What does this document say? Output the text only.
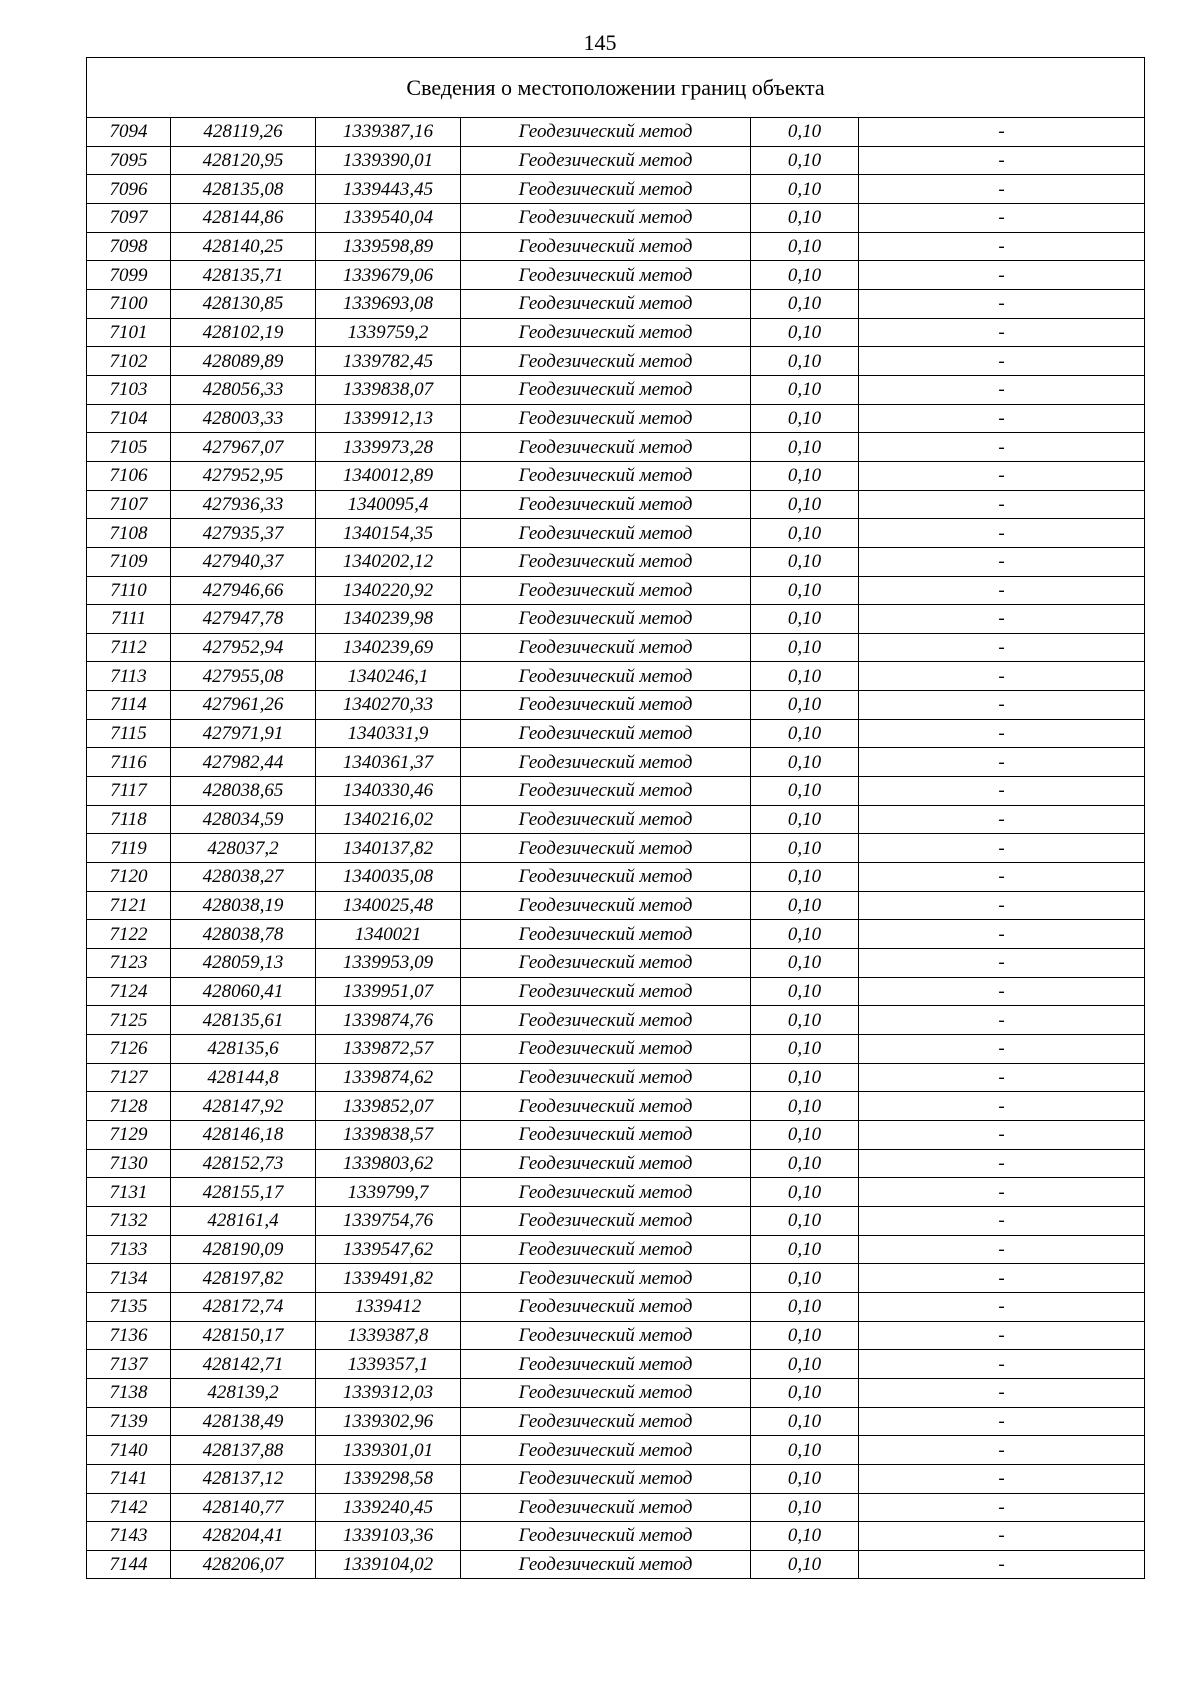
145
Сведения о местоположении границ объекта					
7094	428119,26	1339387,16	Геодезический метод	0,10	-
7095	428120,95	1339390,01	Геодезический метод	0,10	-
7096	428135,08	1339443,45	Геодезический метод	0,10	-
7097	428144,86	1339540,04	Геодезический метод	0,10	-
7098	428140,25	1339598,89	Геодезический метод	0,10	-
7099	428135,71	1339679,06	Геодезический метод	0,10	-
7100	428130,85	1339693,08	Геодезический метод	0,10	-
7101	428102,19	1339759,2	Геодезический метод	0,10	-
7102	428089,89	1339782,45	Геодезический метод	0,10	-
7103	428056,33	1339838,07	Геодезический метод	0,10	-
7104	428003,33	1339912,13	Геодезический метод	0,10	-
7105	427967,07	1339973,28	Геодезический метод	0,10	-
7106	427952,95	1340012,89	Геодезический метод	0,10	-
7107	427936,33	1340095,4	Геодезический метод	0,10	-
7108	427935,37	1340154,35	Геодезический метод	0,10	-
7109	427940,37	1340202,12	Геодезический метод	0,10	-
7110	427946,66	1340220,92	Геодезический метод	0,10	-
7111	427947,78	1340239,98	Геодезический метод	0,10	-
7112	427952,94	1340239,69	Геодезический метод	0,10	-
7113	427955,08	1340246,1	Геодезический метод	0,10	-
7114	427961,26	1340270,33	Геодезический метод	0,10	-
7115	427971,91	1340331,9	Геодезический метод	0,10	-
7116	427982,44	1340361,37	Геодезический метод	0,10	-
7117	428038,65	1340330,46	Геодезический метод	0,10	-
7118	428034,59	1340216,02	Геодезический метод	0,10	-
7119	428037,2	1340137,82	Геодезический метод	0,10	-
7120	428038,27	1340035,08	Геодезический метод	0,10	-
7121	428038,19	1340025,48	Геодезический метод	0,10	-
7122	428038,78	1340021	Геодезический метод	0,10	-
7123	428059,13	1339953,09	Геодезический метод	0,10	-
7124	428060,41	1339951,07	Геодезический метод	0,10	-
7125	428135,61	1339874,76	Геодезический метод	0,10	-
7126	428135,6	1339872,57	Геодезический метод	0,10	-
7127	428144,8	1339874,62	Геодезический метод	0,10	-
7128	428147,92	1339852,07	Геодезический метод	0,10	-
7129	428146,18	1339838,57	Геодезический метод	0,10	-
7130	428152,73	1339803,62	Геодезический метод	0,10	-
7131	428155,17	1339799,7	Геодезический метод	0,10	-
7132	428161,4	1339754,76	Геодезический метод	0,10	-
7133	428190,09	1339547,62	Геодезический метод	0,10	-
7134	428197,82	1339491,82	Геодезический метод	0,10	-
7135	428172,74	1339412	Геодезический метод	0,10	-
7136	428150,17	1339387,8	Геодезический метод	0,10	-
7137	428142,71	1339357,1	Геодезический метод	0,10	-
7138	428139,2	1339312,03	Геодезический метод	0,10	-
7139	428138,49	1339302,96	Геодезический метод	0,10	-
7140	428137,88	1339301,01	Геодезический метод	0,10	-
7141	428137,12	1339298,58	Геодезический метод	0,10	-
7142	428140,77	1339240,45	Геодезический метод	0,10	-
7143	428204,41	1339103,36	Геодезический метод	0,10	-
7144	428206,07	1339104,02	Геодезический метод	0,10	-
